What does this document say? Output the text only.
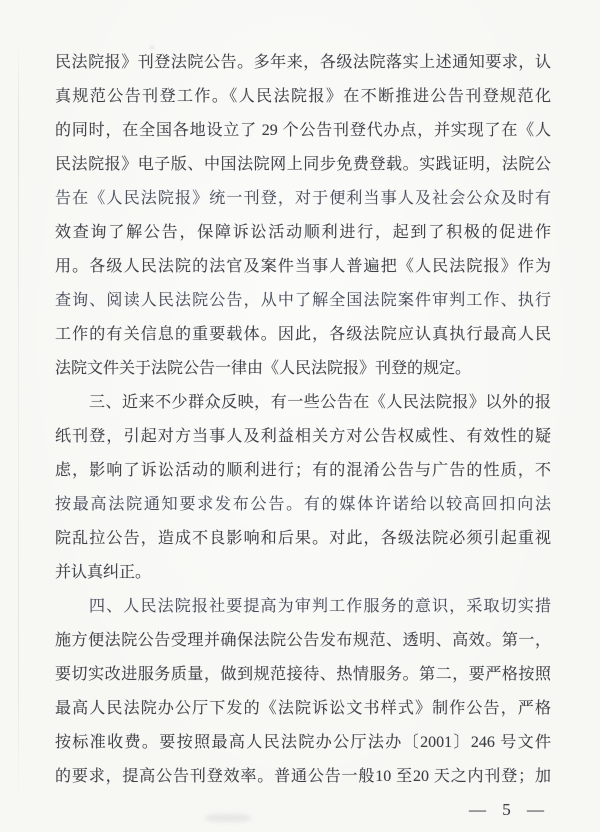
民法院报》刊登法院公告。多年来，各级法院落实上述通知要求，认
真规范公告刊登工作。《人民法院报》在不断推进公告刊登规范化
的同时，在全国各地设立了 29 个公告刊登代办点，并实现了在《人
民法院报》电子版、中国法院网上同步免费登载。实践证明，法院公
告在《人民法院报》统一刊登，对于便利当事人及社会公众及时有
效查询了解公告，保障诉讼活动顺利进行，起到了积极的促进作
用。各级人民法院的法官及案件当事人普遍把《人民法院报》作为
查询、阅读人民法院公告，从中了解全国法院案件审判工作、执行
工作的有关信息的重要载体。因此，各级法院应认真执行最高人民
法院文件关于法院公告一律由《人民法院报》刊登的规定。
三、近来不少群众反映，有一些公告在《人民法院报》以外的报
纸刊登，引起对方当事人及利益相关方对公告权威性、有效性的疑
虑，影响了诉讼活动的顺利进行；有的混淆公告与广告的性质，不
按最高法院通知要求发布公告。有的媒体许诺给以较高回扣向法
院乱拉公告，造成不良影响和后果。对此，各级法院必须引起重视
并认真纠正。
四、人民法院报社要提高为审判工作服务的意识，采取切实措
施方便法院公告受理并确保法院公告发布规范、透明、高效。第一，
要切实改进服务质量，做到规范接待、热情服务。第二，要严格按照
最高人民法院办公厅下发的《法院诉讼文书样式》制作公告，严格
按标准收费。要按照最高人民法院办公厅法办〔2001〕246 号文件
的要求，提高公告刊登效率。普通公告一般10 至20 天之内刊登；加
— 5 —
